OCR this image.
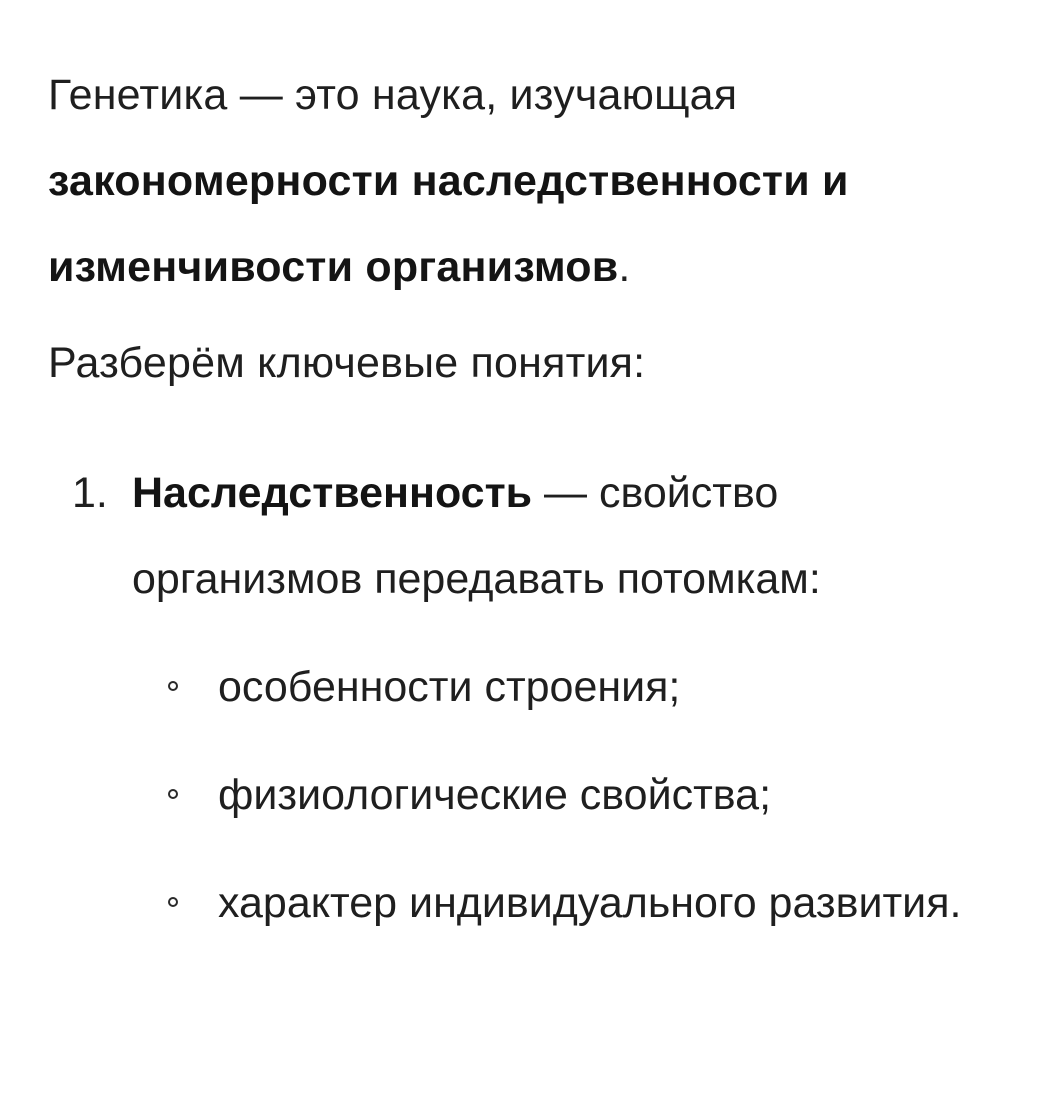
Генетика — это наука, изучающая закономерности наследственности и изменчивости организмов.

Разберём ключевые понятия:

1. Наследственность — свойство организмов передавать потомкам:
особенности строения;
физиологические свойства;
характер индивидуального развития.
